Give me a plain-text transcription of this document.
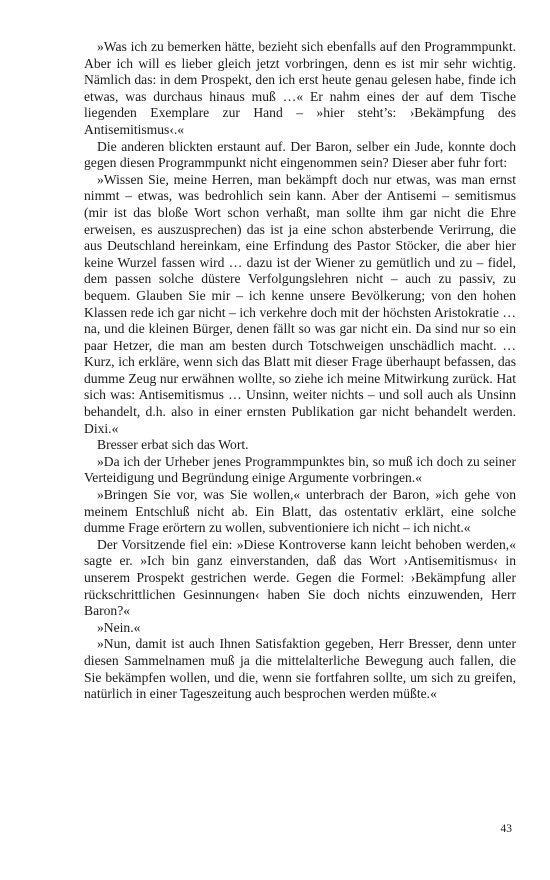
»Was ich zu bemerken hätte, bezieht sich ebenfalls auf den Programmpunkt. Aber ich will es lieber gleich jetzt vorbringen, denn es ist mir sehr wichtig. Nämlich das: in dem Prospekt, den ich erst heute genau gelesen habe, finde ich etwas, was durchaus hinaus muß …« Er nahm eines der auf dem Tische liegenden Exemplare zur Hand – »hier steht’s: ›Bekämpfung des Antisemitismus‹.«

Die anderen blickten erstaunt auf. Der Baron, selber ein Jude, konnte doch gegen diesen Programmpunkt nicht eingenommen sein? Dieser aber fuhr fort:

»Wissen Sie, meine Herren, man bekämpft doch nur etwas, was man ernst nimmt – etwas, was bedrohlich sein kann. Aber der Antisemi – semitismus (mir ist das bloße Wort schon verhaßt, man sollte ihm gar nicht die Ehre erweisen, es auszusprechen) das ist ja eine schon absterbende Verirrung, die aus Deutschland hereinkam, eine Erfindung des Pastor Stöcker, die aber hier keine Wurzel fassen wird … dazu ist der Wiener zu gemütlich und zu – fidel, dem passen solche düstere Verfolgungslehren nicht – auch zu passiv, zu bequem. Glauben Sie mir – ich kenne unsere Bevölkerung; von den hohen Klassen rede ich gar nicht – ich verkehre doch mit der höchsten Aristokratie … na, und die kleinen Bürger, denen fällt so was gar nicht ein. Da sind nur so ein paar Hetzer, die man am besten durch Totschweigen unschädlich macht. … Kurz, ich erkläre, wenn sich das Blatt mit dieser Frage überhaupt befassen, das dumme Zeug nur erwähnen wollte, so ziehe ich meine Mitwirkung zurück. Hat sich was: Antisemitismus … Unsinn, weiter nichts – und soll auch als Unsinn behandelt, d.h. also in einer ernsten Publikation gar nicht behandelt werden. Dixi.«

Bresser erbat sich das Wort.

»Da ich der Urheber jenes Programmpunktes bin, so muß ich doch zu seiner Verteidigung und Begründung einige Argumente vorbringen.«

»Bringen Sie vor, was Sie wollen,« unterbrach der Baron, »ich gehe von meinem Entschluß nicht ab. Ein Blatt, das ostentativ erklärt, eine solche dumme Frage erörtern zu wollen, subventioniere ich nicht – ich nicht.«

Der Vorsitzende fiel ein: »Diese Kontroverse kann leicht behoben werden,« sagte er. »Ich bin ganz einverstanden, daß das Wort ›Antisemitismus‹ in unserem Prospekt gestrichen werde. Gegen die Formel: ›Bekämpfung aller rückschrittlichen Gesinnungen‹ haben Sie doch nichts einzuwenden, Herr Baron?«

»Nein.«

»Nun, damit ist auch Ihnen Satisfaktion gegeben, Herr Bresser, denn unter diesen Sammelnamen muß ja die mittelalterliche Bewegung auch fallen, die Sie bekämpfen wollen, und die, wenn sie fortfahren sollte, um sich zu greifen, natürlich in einer Tageszeitung auch besprochen werden müßte.«

43
